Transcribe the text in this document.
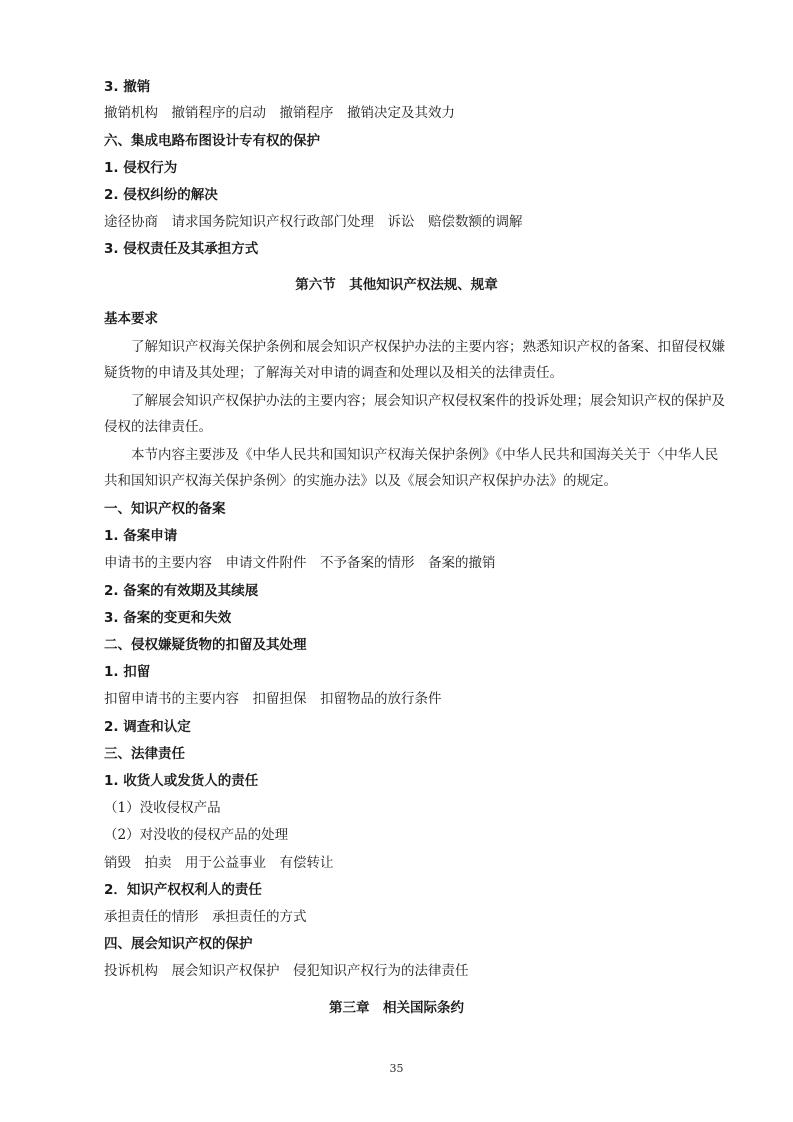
3. 撤销
撤销机构　撤销程序的启动　撤销程序　撤销决定及其效力
六、集成电路布图设计专有权的保护
1. 侵权行为
2. 侵权纠纷的解决
途径协商　请求国务院知识产权行政部门处理　诉讼　赔偿数额的调解
3. 侵权责任及其承担方式
第六节　其他知识产权法规、规章
基本要求
　　了解知识产权海关保护条例和展会知识产权保护办法的主要内容；熟悉知识产权的备案、扣留侵权嫌
疑货物的申请及其处理；了解海关对申请的调查和处理以及相关的法律责任。
　　了解展会知识产权保护办法的主要内容；展会知识产权侵权案件的投诉处理；展会知识产权的保护及
侵权的法律责任。
　　本节内容主要涉及《中华人民共和国知识产权海关保护条例》《中华人民共和国海关关于〈中华人民
共和国知识产权海关保护条例〉的实施办法》以及《展会知识产权保护办法》的规定。
一、知识产权的备案
1. 备案申请
申请书的主要内容　申请文件附件　不予备案的情形　备案的撤销
2. 备案的有效期及其续展
3. 备案的变更和失效
二、侵权嫌疑货物的扣留及其处理
1. 扣留
扣留申请书的主要内容　扣留担保　扣留物品的放行条件
2. 调查和认定
三、法律责任
1. 收货人或发货人的责任
（1）没收侵权产品
（2）对没收的侵权产品的处理
销毁　拍卖　用于公益事业　有偿转让
2．知识产权权利人的责任
承担责任的情形　承担责任的方式
四、展会知识产权的保护
投诉机构　展会知识产权保护　侵犯知识产权行为的法律责任
第三章　相关国际条约
35
